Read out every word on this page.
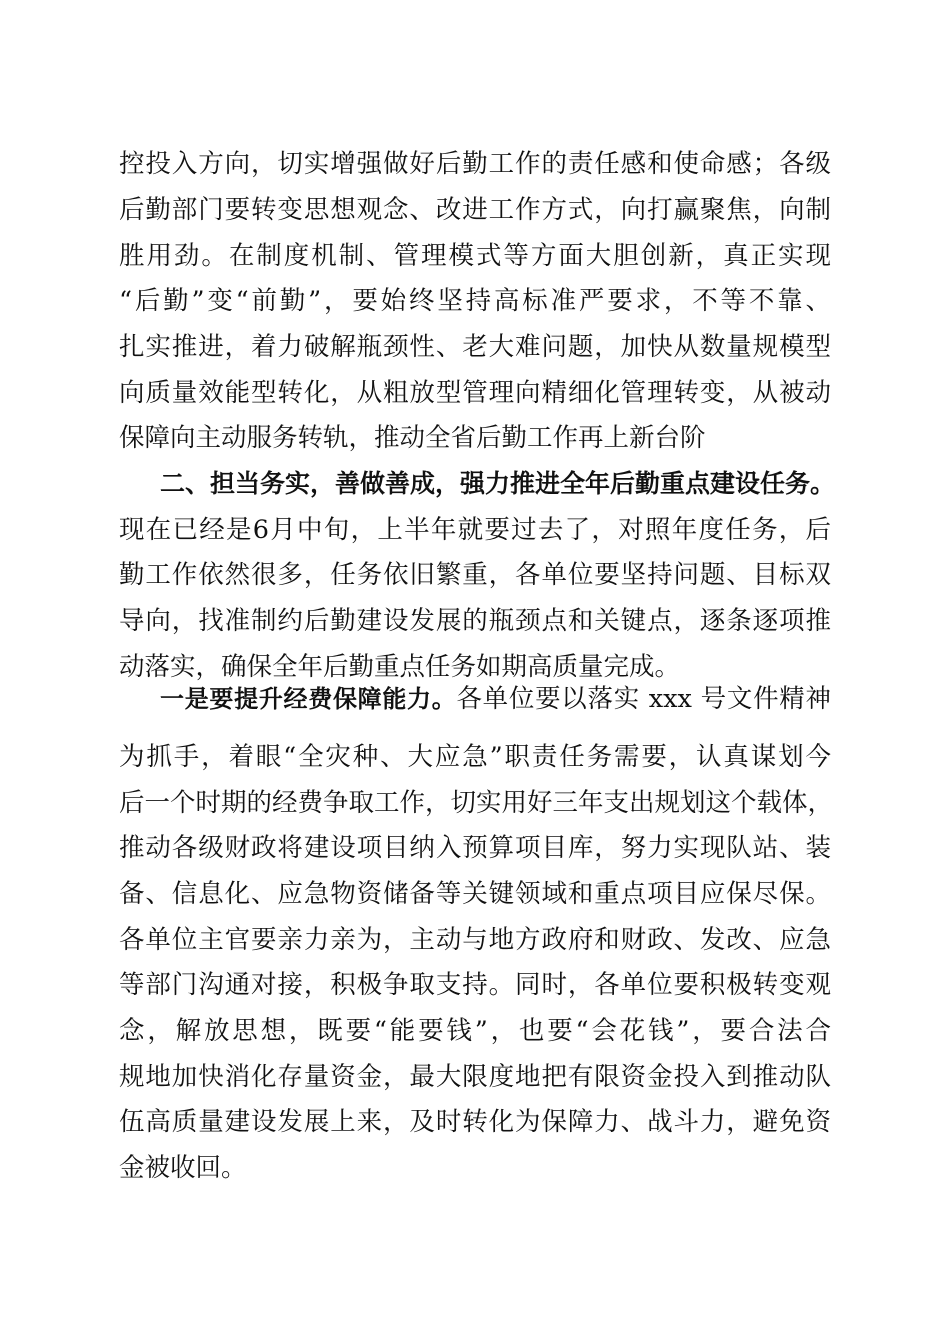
控投入方向，切实增强做好后勤工作的责任感和使命感；各级
后勤部门要转变思想观念、改进工作方式，向打赢聚焦，向制
胜用劲。在制度机制、管理模式等方面大胆创新，真正实现
“后勤”变“前勤”，要始终坚持高标准严要求，不等不靠、
扎实推进，着力破解瓶颈性、老大难问题，加快从数量规模型
向质量效能型转化，从粗放型管理向精细化管理转变，从被动
保障向主动服务转轨，推动全省后勤工作再上新台阶
二、担当务实，善做善成，强力推进全年后勤重点建设任务。
现在已经是6月中旬，上半年就要过去了，对照年度任务，后
勤工作依然很多，任务依旧繁重，各单位要坚持问题、目标双
导向，找准制约后勤建设发展的瓶颈点和关键点，逐条逐项推
动落实，确保全年后勤重点任务如期高质量完成。
一是要提升经费保障能力。各单位要以落实 xxx 号文件精神
为抓手，着眼“全灾种、大应急”职责任务需要，认真谋划今
后一个时期的经费争取工作，切实用好三年支出规划这个载体，
推动各级财政将建设项目纳入预算项目库，努力实现队站、装
备、信息化、应急物资储备等关键领域和重点项目应保尽保。
各单位主官要亲力亲为，主动与地方政府和财政、发改、应急
等部门沟通对接，积极争取支持。同时，各单位要积极转变观
念，解放思想，既要“能要钱”，也要“会花钱”，要合法合
规地加快消化存量资金，最大限度地把有限资金投入到推动队
伍高质量建设发展上来，及时转化为保障力、战斗力，避免资
金被收回。
